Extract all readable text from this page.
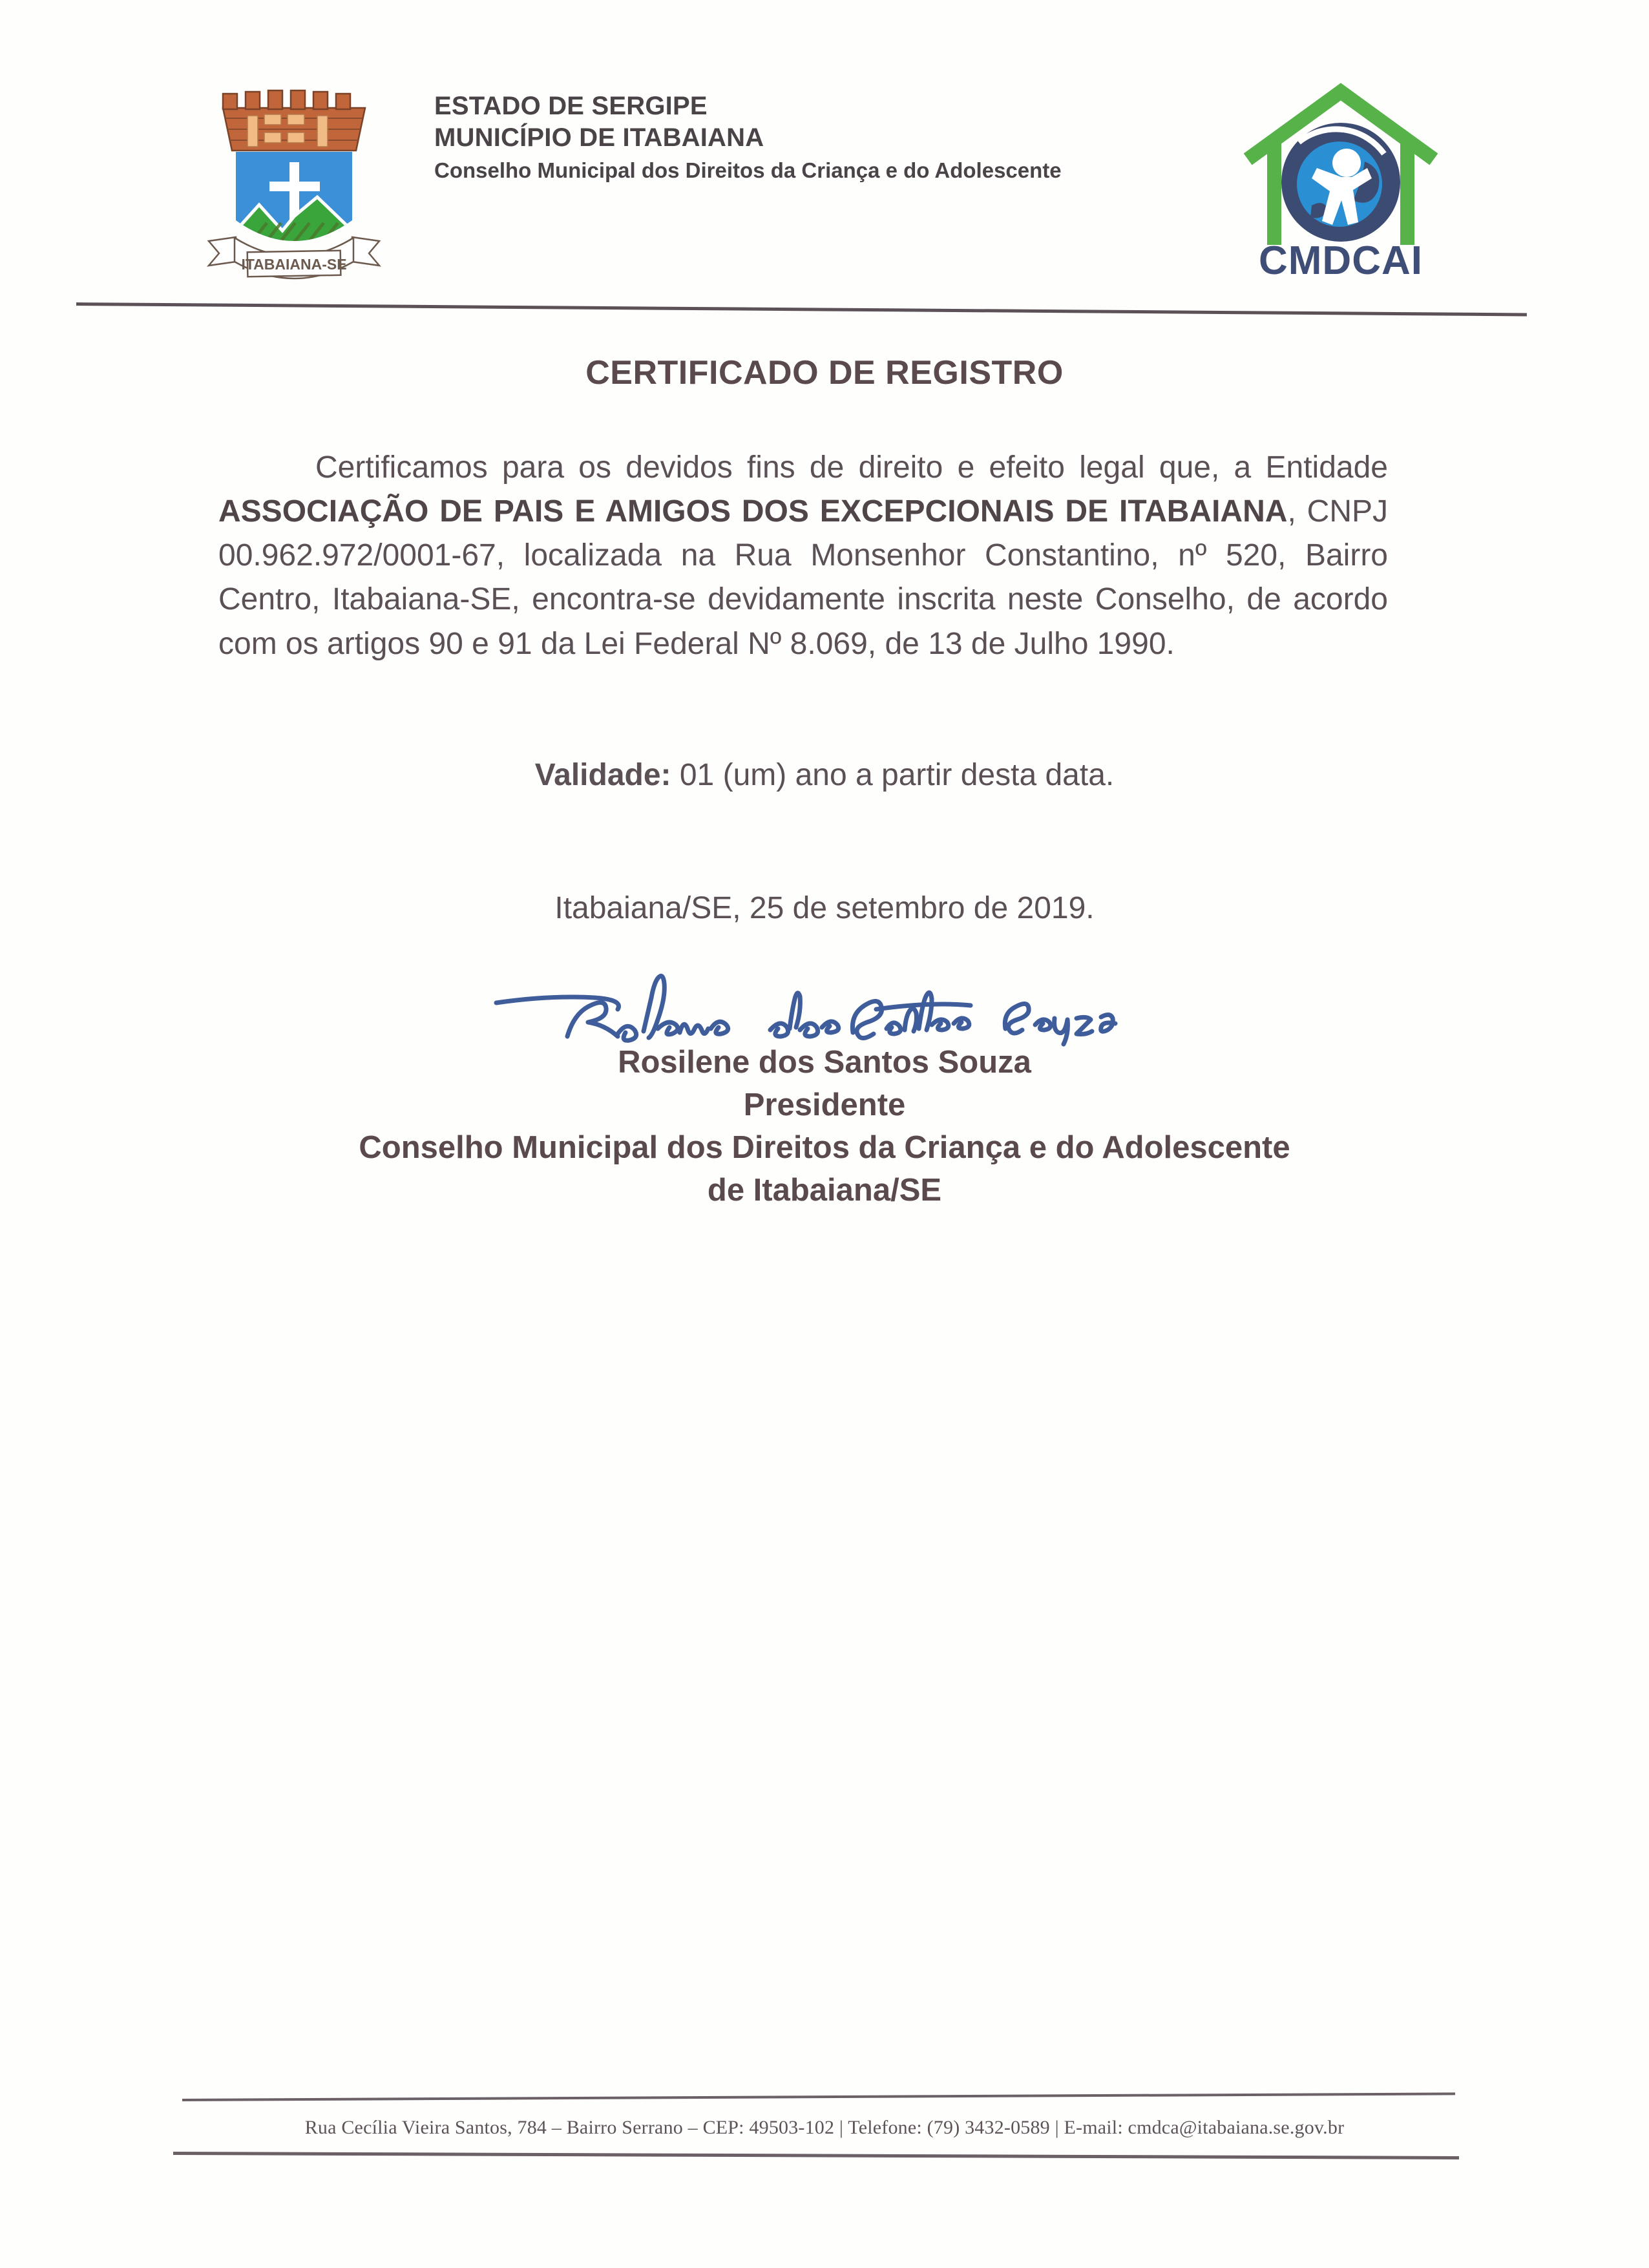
ITABAIANA-SE
ESTADO DE SERGIPE
MUNICÍPIO DE ITABAIANA
Conselho Municipal dos Direitos da Criança e do Adolescente
CMDCAI
CERTIFICADO DE REGISTRO
Certificamos para os devidos fins de direito e efeito legal que, a Entidade ASSOCIAÇÃO DE PAIS E AMIGOS DOS EXCEPCIONAIS DE ITABAIANA, CNPJ 00.962.972/0001-67, localizada na Rua Monsenhor Constantino, nº 520, Bairro Centro, Itabaiana-SE, encontra-se devidamente inscrita neste Conselho, de acordo com os artigos 90 e 91 da Lei Federal Nº 8.069, de 13 de Julho 1990.
Validade: 01 (um) ano a partir desta data.
Itabaiana/SE, 25 de setembro de 2019.
Rosilene dos Santos Souza
Presidente
Conselho Municipal dos Direitos da Criança e do Adolescente
de Itabaiana/SE
Rua Cecília Vieira Santos, 784 – Bairro Serrano – CEP: 49503-102 | Telefone: (79) 3432-0589 | E-mail: cmdca@itabaiana.se.gov.br
